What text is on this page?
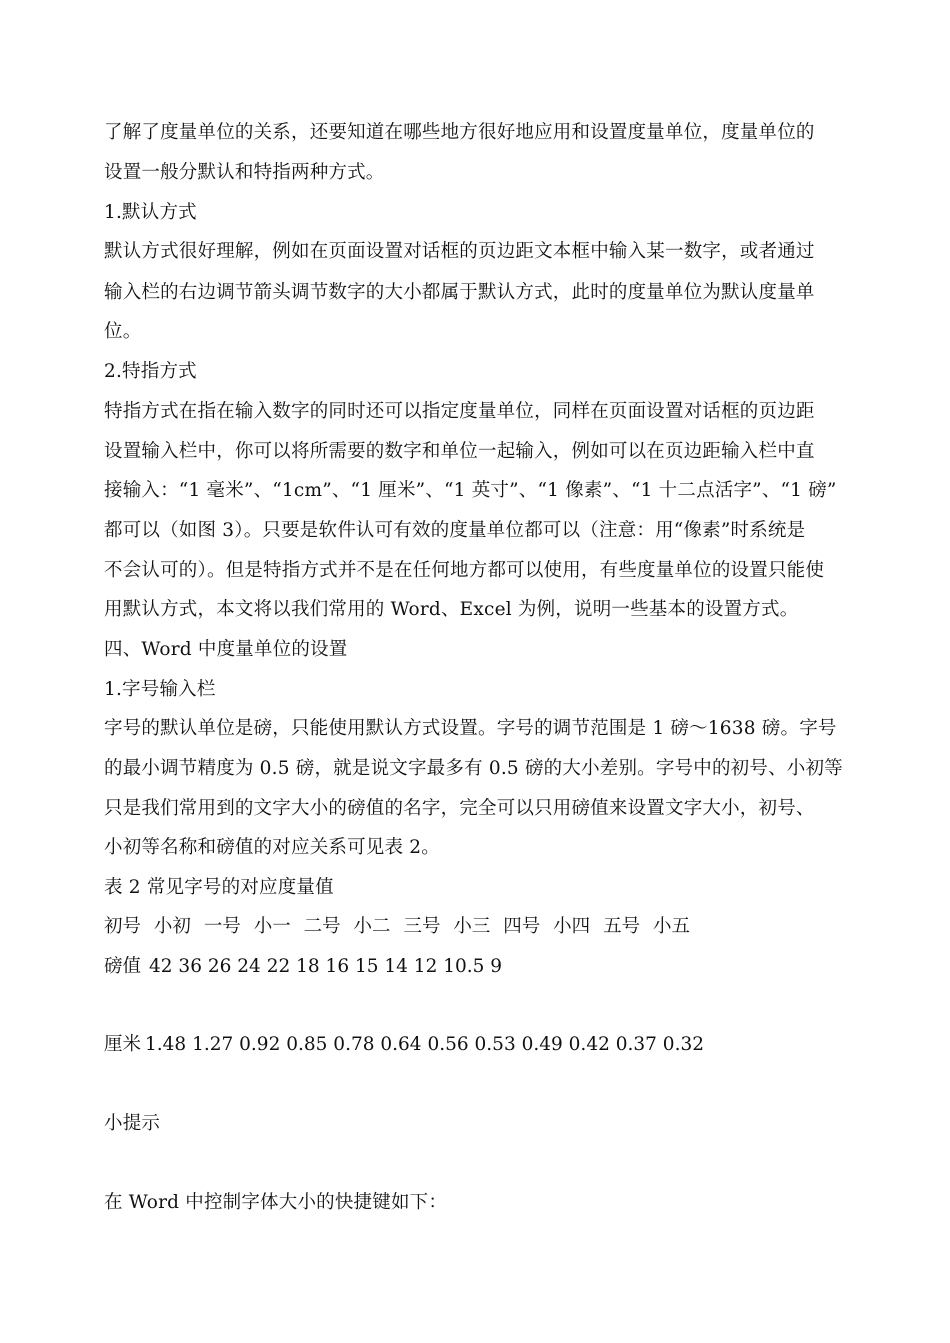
了解了度量单位的关系，还要知道在哪些地方很好地应用和设置度量单位，度量单位的
设置一般分默认和特指两种方式。
1.默认方式
默认方式很好理解，例如在页面设置对话框的页边距文本框中输入某一数字，或者通过
输入栏的右边调节箭头调节数字的大小都属于默认方式，此时的度量单位为默认度量单
位。
2.特指方式
特指方式在指在输入数字的同时还可以指定度量单位，同样在页面设置对话框的页边距
设置输入栏中，你可以将所需要的数字和单位一起输入，例如可以在页边距输入栏中直
接输入：“1 毫米”、“1cm”、“1 厘米”、“1 英寸”、“1 像素”、“1 十二点活字”、“1 磅”
都可以（如图 3）。只要是软件认可有效的度量单位都可以（注意：用“像素”时系统是
不会认可的）。但是特指方式并不是在任何地方都可以使用，有些度量单位的设置只能使
用默认方式，本文将以我们常用的 Word、Excel 为例，说明一些基本的设置方式。
四、Word 中度量单位的设置
1.字号输入栏
字号的默认单位是磅，只能使用默认方式设置。字号的调节范围是 1 磅～1638 磅。字号
的最小调节精度为 0.5 磅，就是说文字最多有 0.5 磅的大小差别。字号中的初号、小初等
只是我们常用到的文字大小的磅值的名字，完全可以只用磅值来设置文字大小，初号、
小初等名称和磅值的对应关系可见表 2。
表 2 常见字号的对应度量值
初号 小初 一号 小一 二号 小二 三号 小三 四号 小四 五号 小五
磅值 42 36 26 24 22 18 16 15 14 12 10.5 9
厘米 1.48 1.27 0.92 0.85 0.78 0.64 0.56 0.53 0.49 0.42 0.37 0.32
小提示
在 Word 中控制字体大小的快捷键如下：
